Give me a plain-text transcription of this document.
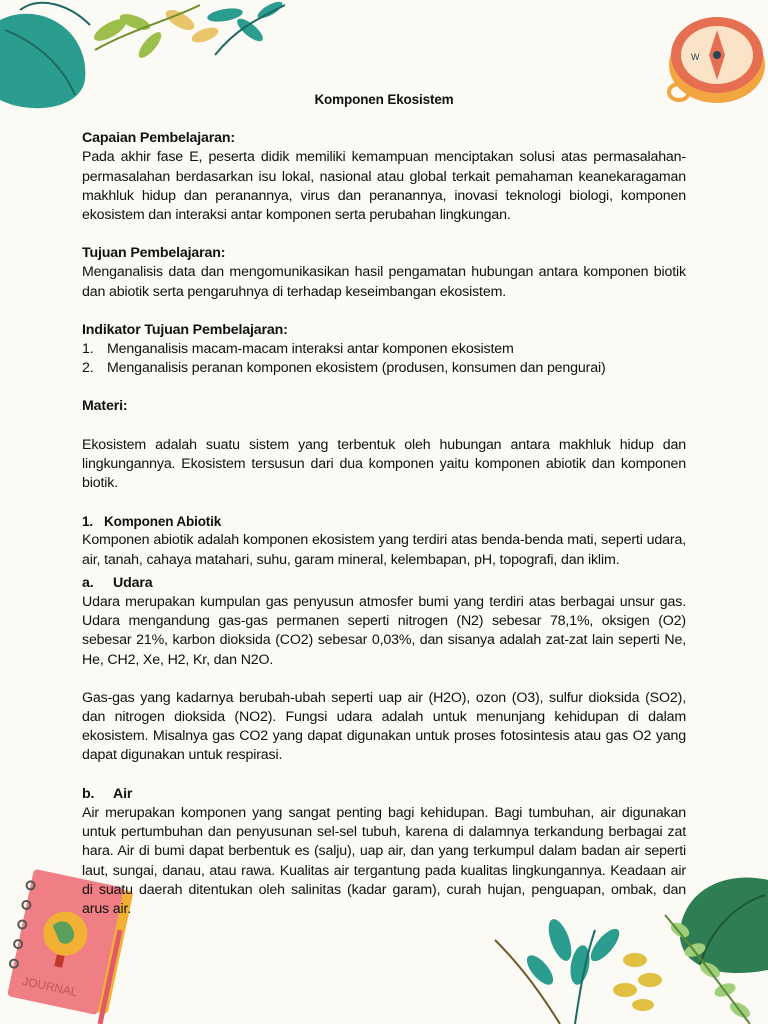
W
JOURNAL

Komponen Ekosistem

Capaian Pembelajaran:

Pada akhir fase E, peserta didik memiliki kemampuan menciptakan solusi atas permasalahan-permasalahan berdasarkan isu lokal, nasional atau global terkait pemahaman keanekaragaman makhluk hidup dan peranannya, virus dan peranannya, inovasi teknologi biologi, komponen ekosistem dan interaksi antar komponen serta perubahan lingkungan.

Tujuan Pembelajaran:

Menganalisis data dan mengomunikasikan hasil pengamatan hubungan antara komponen biotik dan abiotik serta pengaruhnya di terhadap keseimbangan ekosistem.

Indikator Tujuan Pembelajaran:

1. Menganalisis macam-macam interaksi antar komponen ekosistem
2. Menganalisis peranan komponen ekosistem (produsen, konsumen dan pengurai)

Materi:

Ekosistem adalah suatu sistem yang terbentuk oleh hubungan antara makhluk hidup dan lingkungannya. Ekosistem tersusun dari dua komponen yaitu komponen abiotik dan komponen biotik.

1. Komponen Abiotik

Komponen abiotik adalah komponen ekosistem yang terdiri atas benda-benda mati, seperti udara, air, tanah, cahaya matahari, suhu, garam mineral, kelembapan, pH, topografi, dan iklim.

a.	Udara

Udara merupakan kumpulan gas penyusun atmosfer bumi yang terdiri atas berbagai unsur gas. Udara mengandung gas-gas permanen seperti nitrogen (N2) sebesar 78,1%, oksigen (O2) sebesar 21%, karbon dioksida (CO2) sebesar 0,03%, dan sisanya adalah zat-zat lain seperti Ne, He, CH2, Xe, H2, Kr, dan N2O.

Gas-gas yang kadarnya berubah-ubah seperti uap air (H2O), ozon (O3), sulfur dioksida (SO2), dan nitrogen dioksida (NO2). Fungsi udara adalah untuk menunjang kehidupan di dalam ekosistem. Misalnya gas CO2 yang dapat digunakan untuk proses fotosintesis atau gas O2 yang dapat digunakan untuk respirasi.

b.	Air

Air merupakan komponen yang sangat penting bagi kehidupan. Bagi tumbuhan, air digunakan untuk pertumbuhan dan penyusunan sel-sel tubuh, karena di dalamnya terkandung berbagai zat hara. Air di bumi dapat berbentuk es (salju), uap air, dan yang terkumpul dalam badan air seperti laut, sungai, danau, atau rawa. Kualitas air tergantung pada kualitas lingkungannya. Keadaan air di suatu daerah ditentukan oleh salinitas (kadar garam), curah hujan, penguapan, ombak, dan arus air.
